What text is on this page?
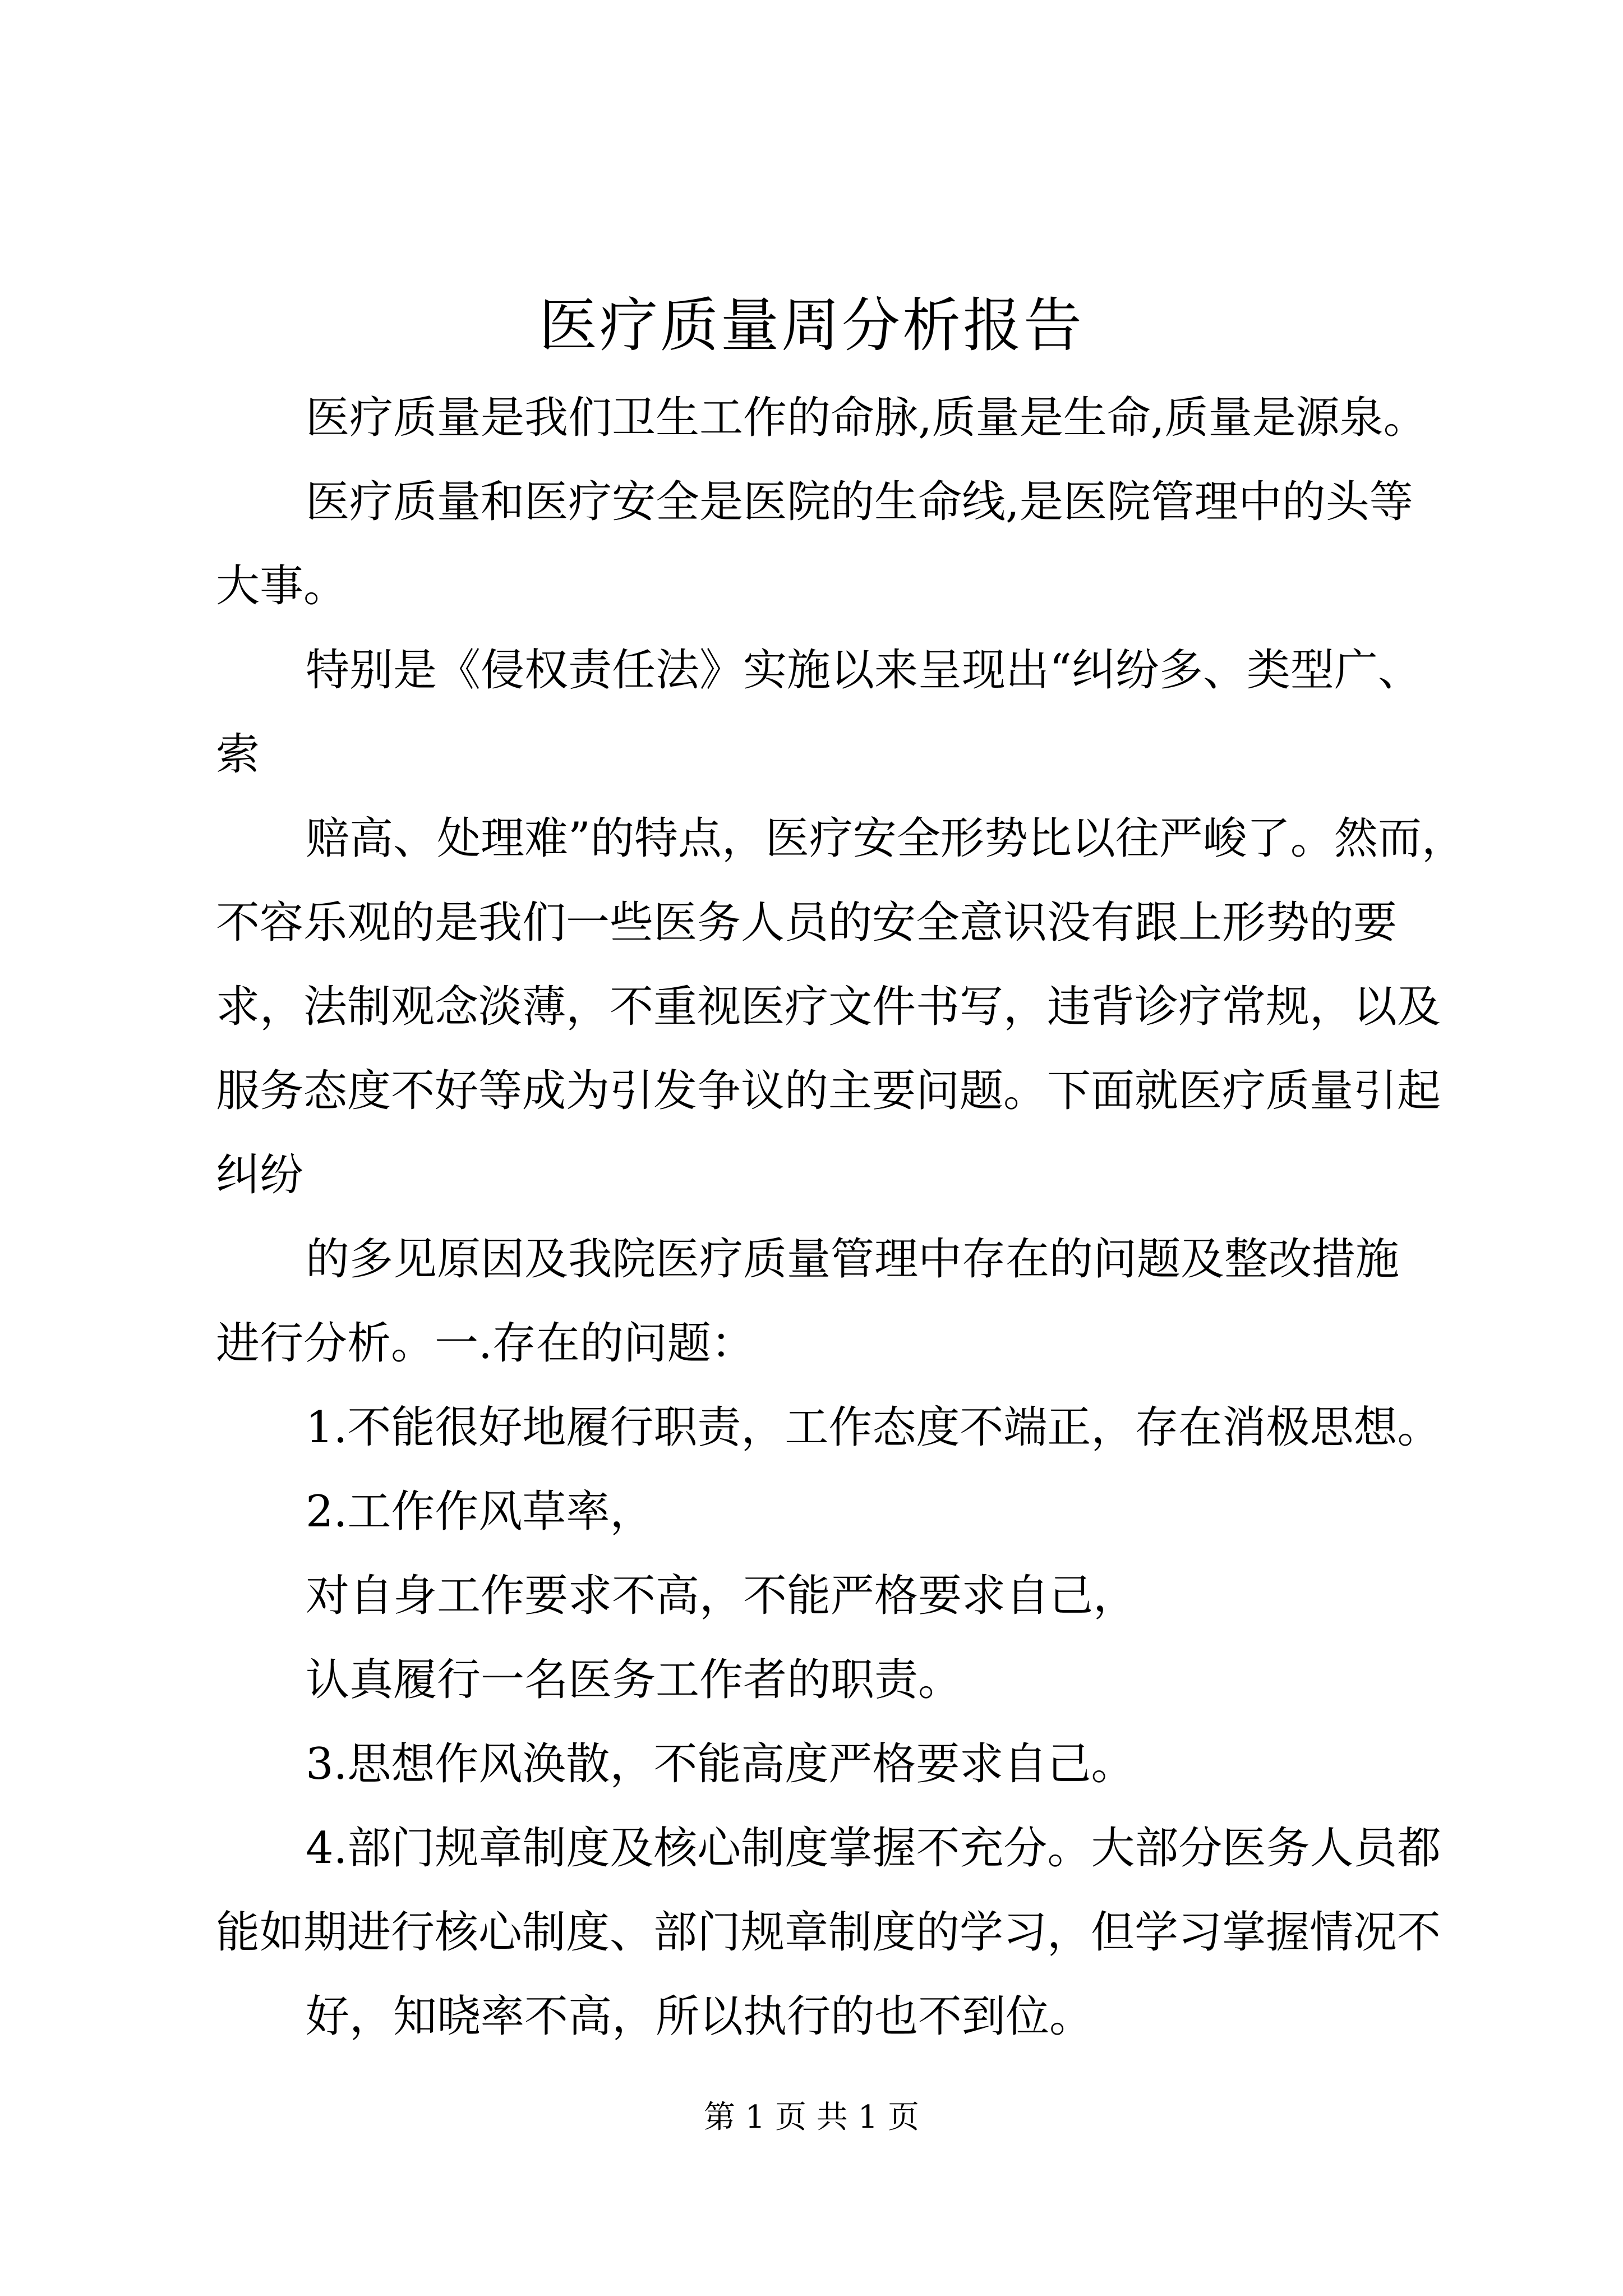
医疗质量周分析报告

医疗质量是我们卫生工作的命脉,质量是生命,质量是源泉。

医疗质量和医疗安全是医院的生命线,是医院管理中的头等

大事。

特别是《侵权责任法》实施以来呈现出“纠纷多、类型广、

索

赔高、处理难”的特点，医疗安全形势比以往严峻了。然而，

不容乐观的是我们一些医务人员的安全意识没有跟上形势的要

求，法制观念淡薄，不重视医疗文件书写，违背诊疗常规，以及

服务态度不好等成为引发争议的主要问题。下面就医疗质量引起

纠纷

的多见原因及我院医疗质量管理中存在的问题及整改措施

进行分析。一.存在的问题：

1.不能很好地履行职责，工作态度不端正，存在消极思想。

2.工作作风草率，

对自身工作要求不高，不能严格要求自己，

认真履行一名医务工作者的职责。

3.思想作风涣散，不能高度严格要求自己。

4.部门规章制度及核心制度掌握不充分。大部分医务人员都

能如期进行核心制度、部门规章制度的学习，但学习掌握情况不

好，知晓率不高，所以执行的也不到位。

第 1 页 共 1 页
